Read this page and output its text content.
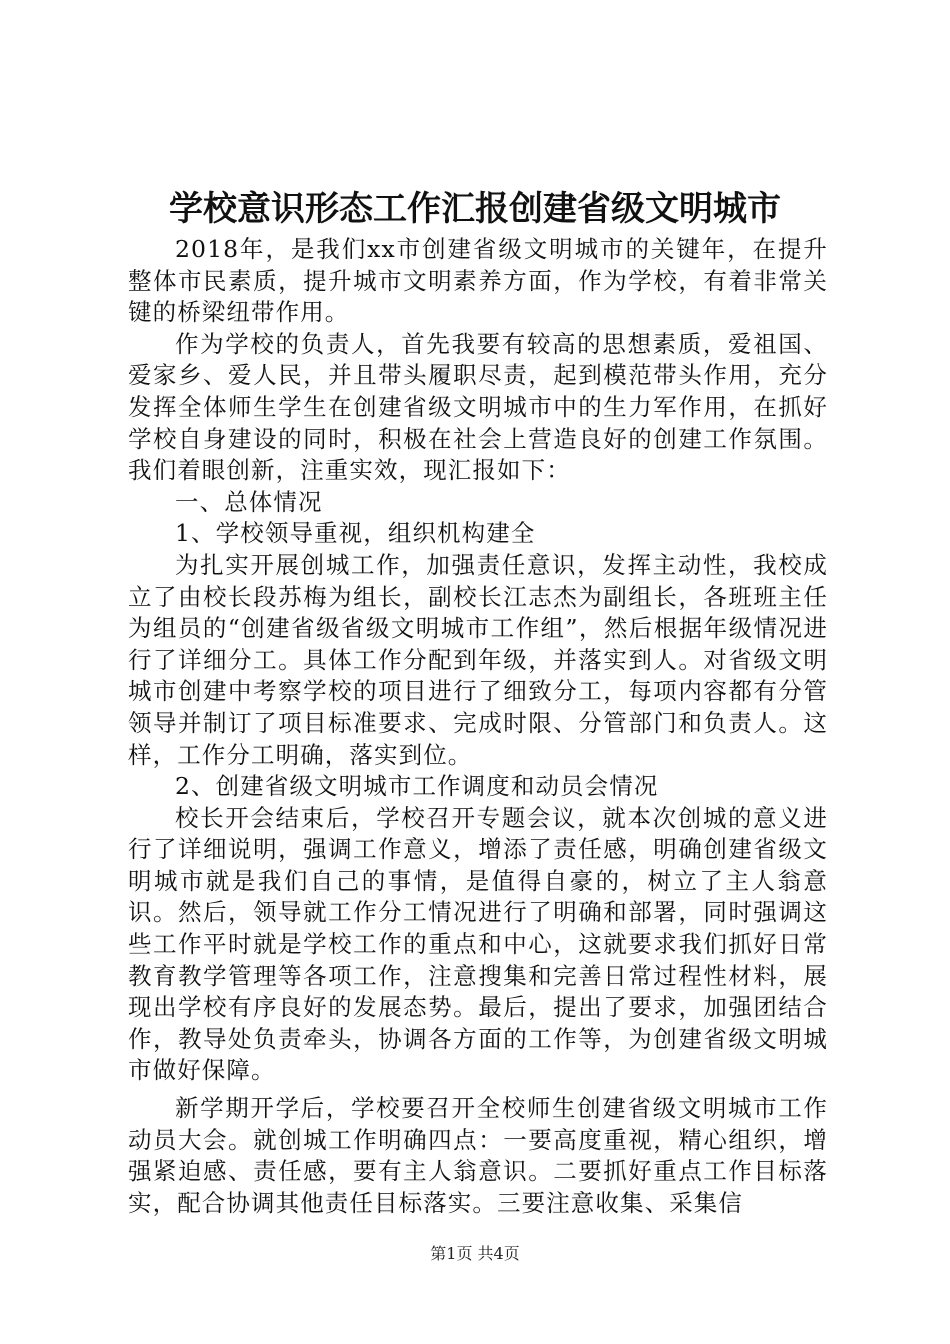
学校意识形态工作汇报创建省级文明城市

2018年，是我们xx市创建省级文明城市的关键年，在提升整体市民素质，提升城市文明素养方面，作为学校，有着非常关键的桥梁纽带作用。

作为学校的负责人，首先我要有较高的思想素质，爱祖国、爱家乡、爱人民，并且带头履职尽责，起到模范带头作用，充分发挥全体师生学生在创建省级文明城市中的生力军作用，在抓好学校自身建设的同时，积极在社会上营造良好的创建工作氛围。我们着眼创新，注重实效，现汇报如下：

一、总体情况

1、学校领导重视，组织机构建全

为扎实开展创城工作，加强责任意识，发挥主动性，我校成立了由校长段苏梅为组长，副校长江志杰为副组长，各班班主任为组员的“创建省级省级文明城市工作组”，然后根据年级情况进行了详细分工。具体工作分配到年级，并落实到人。对省级文明城市创建中考察学校的项目进行了细致分工，每项内容都有分管领导并制订了项目标准要求、完成时限、分管部门和负责人。这样，工作分工明确，落实到位。

2、创建省级文明城市工作调度和动员会情况

校长开会结束后，学校召开专题会议，就本次创城的意义进行了详细说明，强调工作意义，增添了责任感，明确创建省级文明城市就是我们自己的事情，是值得自豪的，树立了主人翁意识。然后，领导就工作分工情况进行了明确和部署，同时强调这些工作平时就是学校工作的重点和中心，这就要求我们抓好日常教育教学管理等各项工作，注意搜集和完善日常过程性材料，展现出学校有序良好的发展态势。最后，提出了要求，加强团结合作，教导处负责牵头，协调各方面的工作等，为创建省级文明城市做好保障。

新学期开学后，学校要召开全校师生创建省级文明城市工作动员大会。就创城工作明确四点：一要高度重视，精心组织，增强紧迫感、责任感，要有主人翁意识。二要抓好重点工作目标落实，配合协调其他责任目标落实。三要注意收集、采集信

第1页 共4页
